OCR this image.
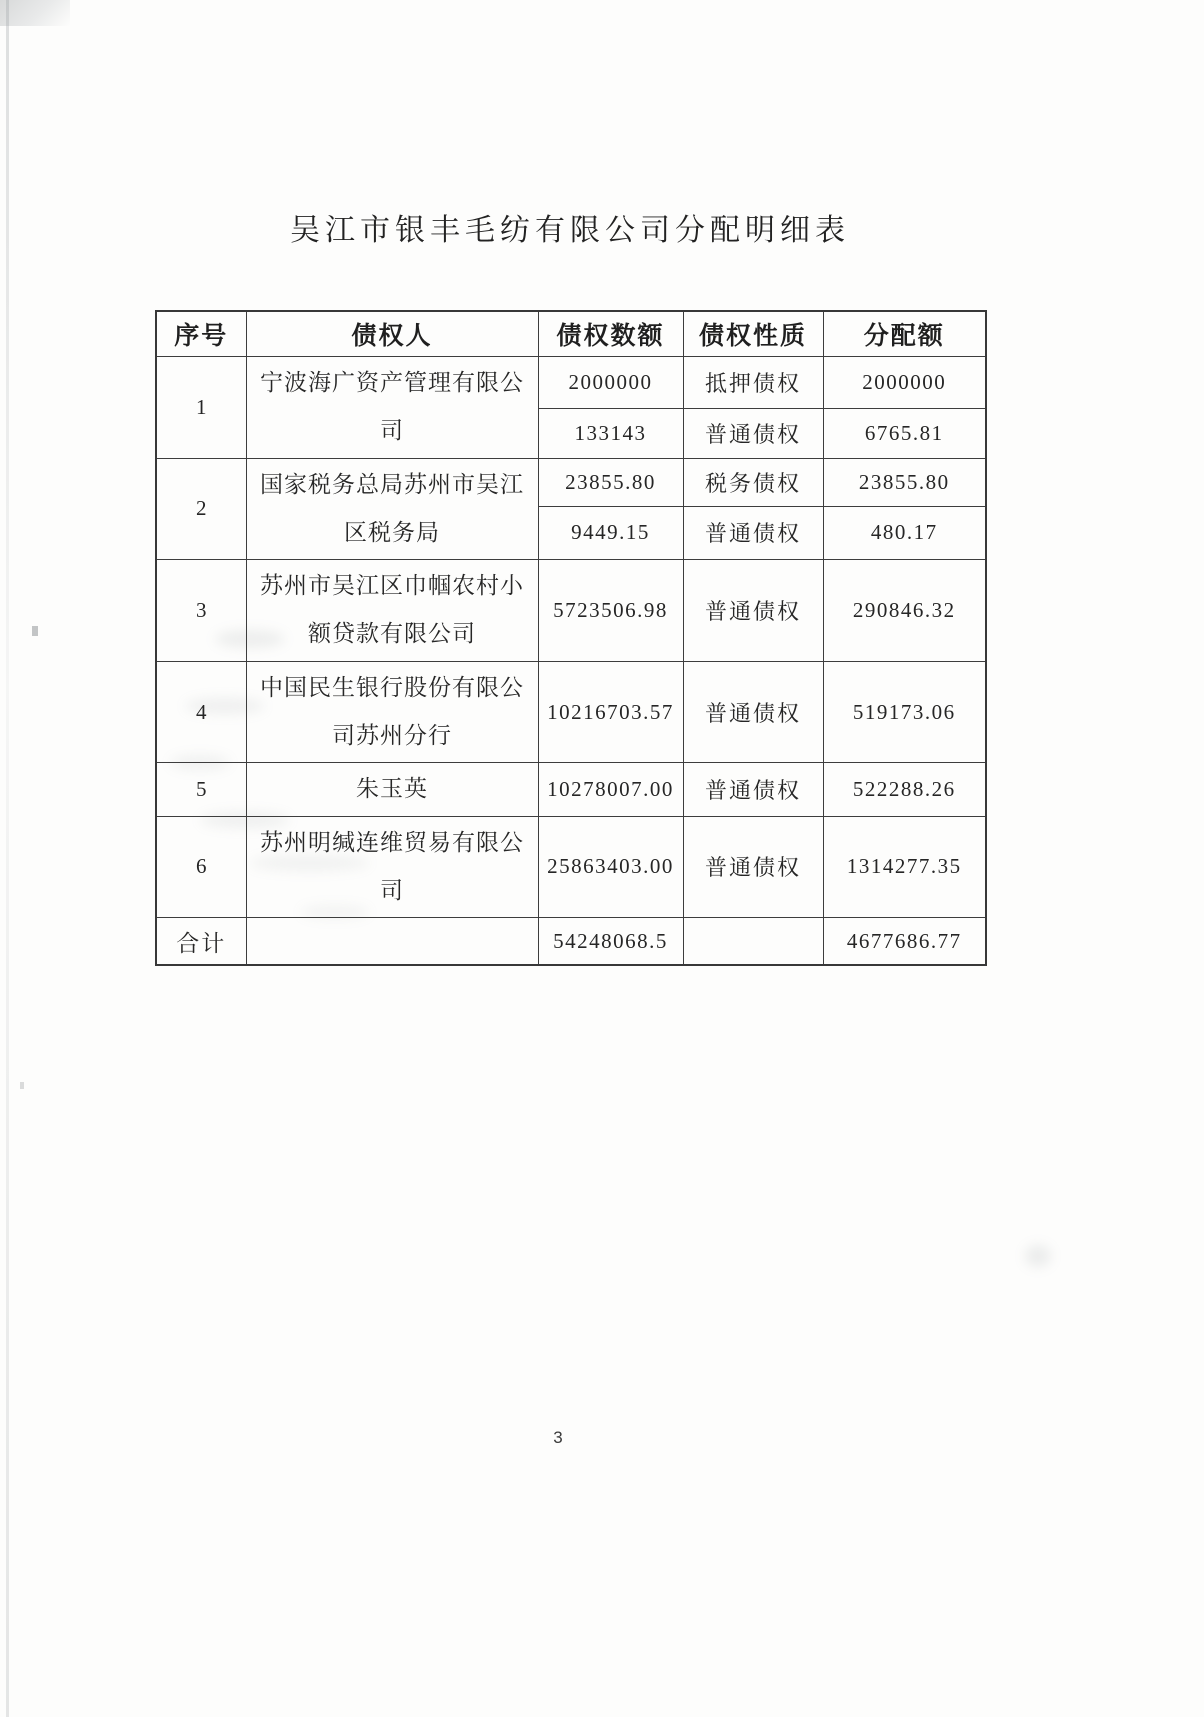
吴江市银丰毛纺有限公司分配明细表
序号	债权人	债权数额	债权性质	分配额
1	宁波海广资产管理有限公司	2000000	抵押债权	2000000
		133143	普通债权	6765.81
2	国家税务总局苏州市吴江区税务局	23855.80	税务债权	23855.80
		9449.15	普通债权	480.17
3	苏州市吴江区巾帼农村小额贷款有限公司	5723506.98	普通债权	290846.32
4	中国民生银行股份有限公司苏州分行	10216703.57	普通债权	519173.06
5	朱玉英	10278007.00	普通债权	522288.26
6	苏州明缄连维贸易有限公司	25863403.00	普通债权	1314277.35
合计		54248068.5		4677686.77
3
